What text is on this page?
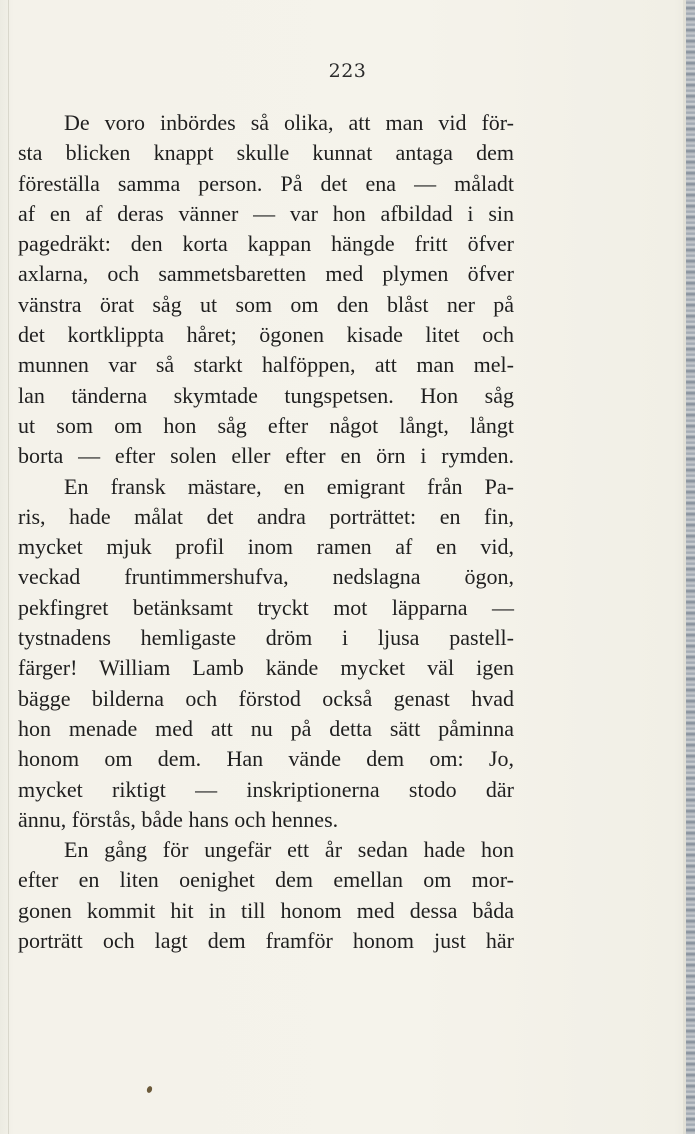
223
De voro inbördes så olika, att man vid för-
sta blicken knappt skulle kunnat antaga dem
föreställa samma person. På det ena — måladt
af en af deras vänner — var hon afbildad i sin
pagedräkt: den korta kappan hängde fritt öfver
axlarna, och sammetsbaretten med plymen öfver
vänstra örat såg ut som om den blåst ner på
det kortklippta håret; ögonen kisade litet och
munnen var så starkt halföppen, att man mel-
lan tänderna skymtade tungspetsen. Hon såg
ut som om hon såg efter något långt, långt
borta — efter solen eller efter en örn i rymden.
En fransk mästare, en emigrant från Pa-
ris, hade målat det andra porträttet: en fin,
mycket mjuk profil inom ramen af en vid,
veckad fruntimmershufva, nedslagna ögon,
pekfingret betänksamt tryckt mot läpparna —
tystnadens hemligaste dröm i ljusa pastell-
färger! William Lamb kände mycket väl igen
bägge bilderna och förstod också genast hvad
hon menade med att nu på detta sätt påminna
honom om dem. Han vände dem om: Jo,
mycket riktigt — inskriptionerna stodo där
ännu, förstås, både hans och hennes.
En gång för ungefär ett år sedan hade hon
efter en liten oenighet dem emellan om mor-
gonen kommit hit in till honom med dessa båda
porträtt och lagt dem framför honom just här
